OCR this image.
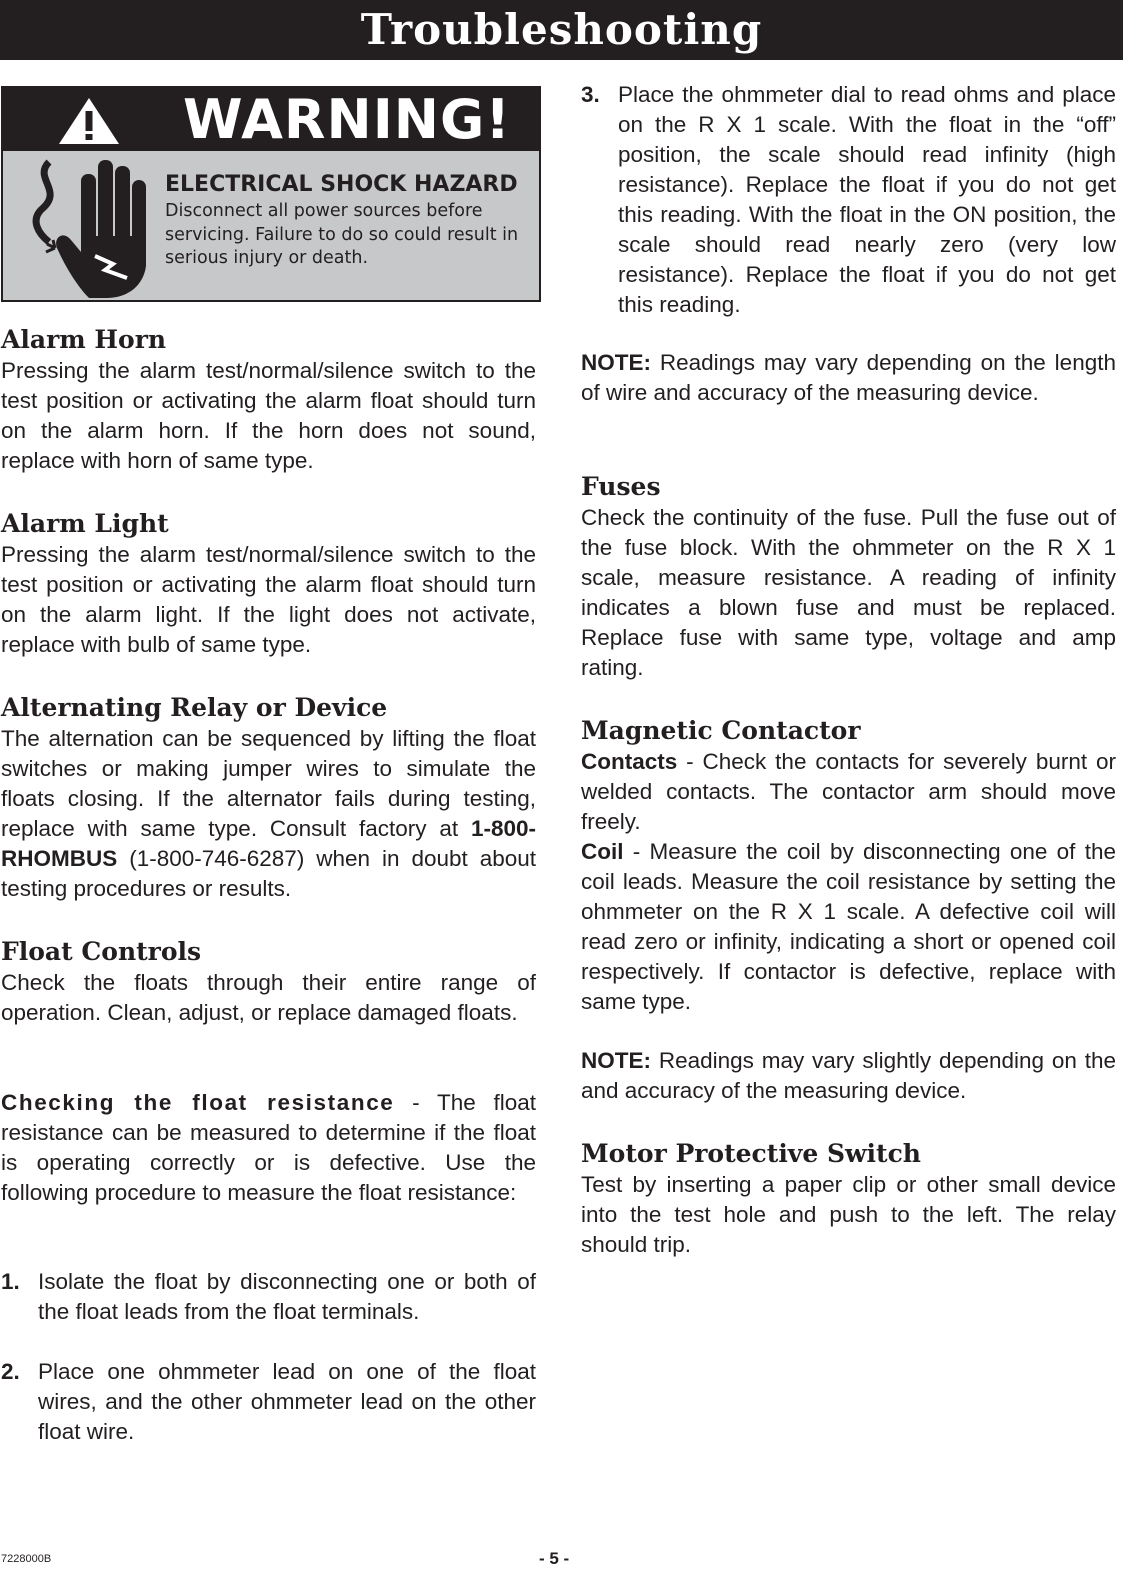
Troubleshooting
WARNING!
ELECTRICAL SHOCK HAZARD
Disconnect all power sources before servicing. Failure to do so could result in serious injury or death.
Alarm Horn

Pressing the alarm test/normal/silence switch to the test position or activating the alarm float should turn on the alarm horn. If the horn does not sound, replace with horn of same type.

Alarm Light

Pressing the alarm test/normal/silence switch to the test position or activating the alarm float should turn on the alarm light. If the light does not activate, replace with bulb of same type.

Alternating Relay or Device

The alternation can be sequenced by lifting the float switches or making jumper wires to simulate the floats closing. If the alternator fails during testing, replace with same type. Consult factory at 1-800-RHOMBUS (1-800-746-6287) when in doubt about testing procedures or results.

Float Controls

Check the floats through their entire range of operation. Clean, adjust, or replace damaged floats.

Checking the float resistance - The float resistance can be measured to determine if the float is operating correctly or is defective. Use the following procedure to measure the float resistance:

1. Isolate the float by disconnecting one or both of the float leads from the float terminals.
2. Place one ohmmeter lead on one of the float wires, and the other ohmmeter lead on the other float wire.
3. Place the ohmmeter dial to read ohms and place on the R X 1 scale. With the float in the “off” position, the scale should read infinity (high resistance). Replace the float if you do not get this reading. With the float in the ON position, the scale should read nearly zero (very low resistance). Replace the float if you do not get this reading.

NOTE: Readings may vary depending on the length of wire and accuracy of the measuring device.

Fuses

Check the continuity of the fuse. Pull the fuse out of the fuse block. With the ohmmeter on the R X 1 scale, measure resistance. A reading of infinity indicates a blown fuse and must be replaced. Replace fuse with same type, voltage and amp rating.

Magnetic Contactor

Contacts - Check the contacts for severely burnt or welded contacts. The contactor arm should move freely.

Coil - Measure the coil by disconnecting one of the coil leads. Measure the coil resistance by setting the ohmmeter on the R X 1 scale. A defective coil will read zero or infinity, indicating a short or opened coil respectively. If contactor is defective, replace with same type.

NOTE: Readings may vary slightly depending on the and accuracy of the measuring device.

Motor Protective Switch

Test by inserting a paper clip or other small device into the test hole and push to the left. The relay should trip.

7228000B	- 5 -
